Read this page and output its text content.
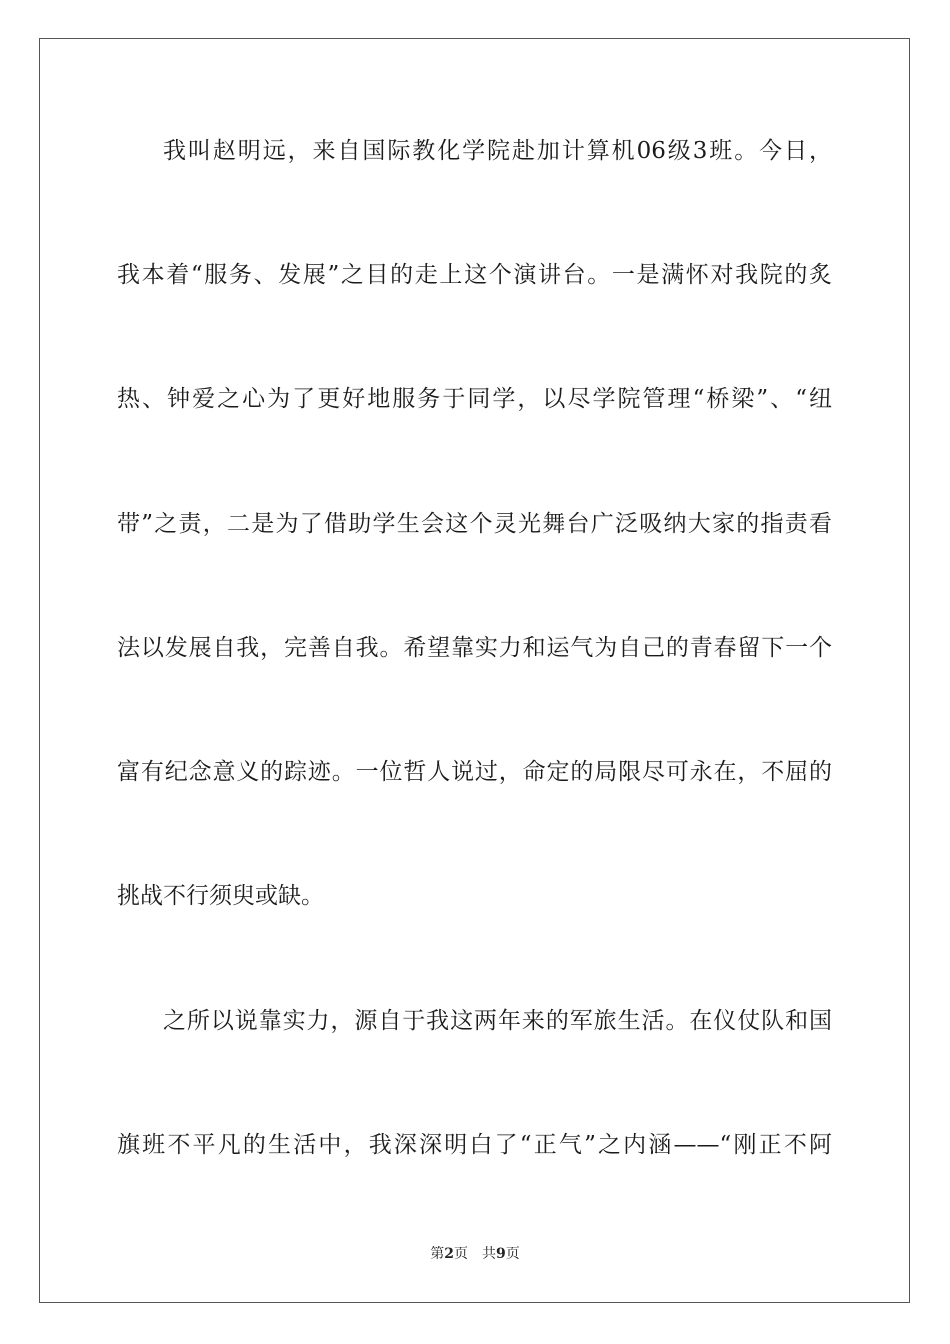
我叫赵明远，来自国际教化学院赴加计算机06级3班。今日，
我本着“服务、发展”之目的走上这个演讲台。一是满怀对我院的炙
热、钟爱之心为了更好地服务于同学，以尽学院管理“桥梁”、“纽
带”之责，二是为了借助学生会这个灵光舞台广泛吸纳大家的指责看
法以发展自我，完善自我。希望靠实力和运气为自己的青春留下一个
富有纪念意义的踪迹。一位哲人说过，命定的局限尽可永在，不屈的
挑战不行须臾或缺。
之所以说靠实力，源自于我这两年来的军旅生活。在仪仗队和国
旗班不平凡的生活中，我深深明白了“正气”之内涵——“刚正不阿
第2页 共9页
